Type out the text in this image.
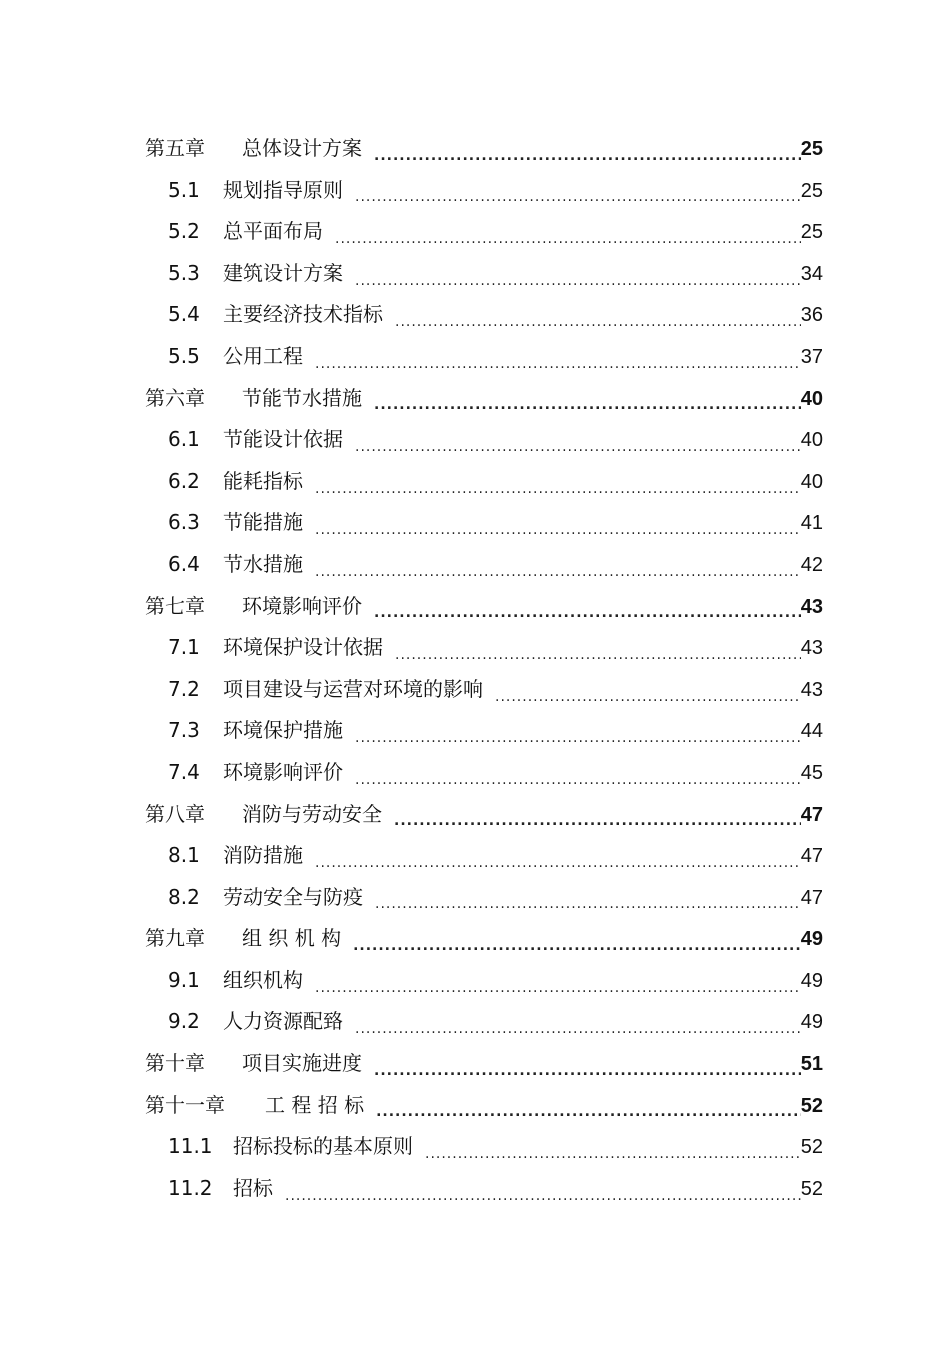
第五章	总体设计方案 .....	25
5.1	规划指导原则 .....	25
5.2	总平面布局 .....	25
5.3	建筑设计方案 .....	34
5.4	主要经济技术指标 .....	36
5.5	公用工程 .....	37
第六章	节能节水措施 .....	40
6.1	节能设计依据 .....	40
6.2	能耗指标 .....	40
6.3	节能措施 .....	41
6.4	节水措施 .....	42
第七章	环境影响评价 .....	43
7.1	环境保护设计依据 .....	43
7.2	项目建设与运营对环境的影响 .....	43
7.3	环境保护措施 .....	44
7.4	环境影响评价 .....	45
第八章	消防与劳动安全 .....	47
8.1	消防措施 .....	47
8.2	劳动安全与防疫 .....	47
第九章	组 织 机 构 .....	49
9.1	组织机构 .....	49
9.2	人力资源配臵 .....	49
第十章	项目实施进度 .....	51
第十一章	工 程 招 标 .....	52
11.1	招标投标的基本原则 .....	52
11.2	招标 .....	52
